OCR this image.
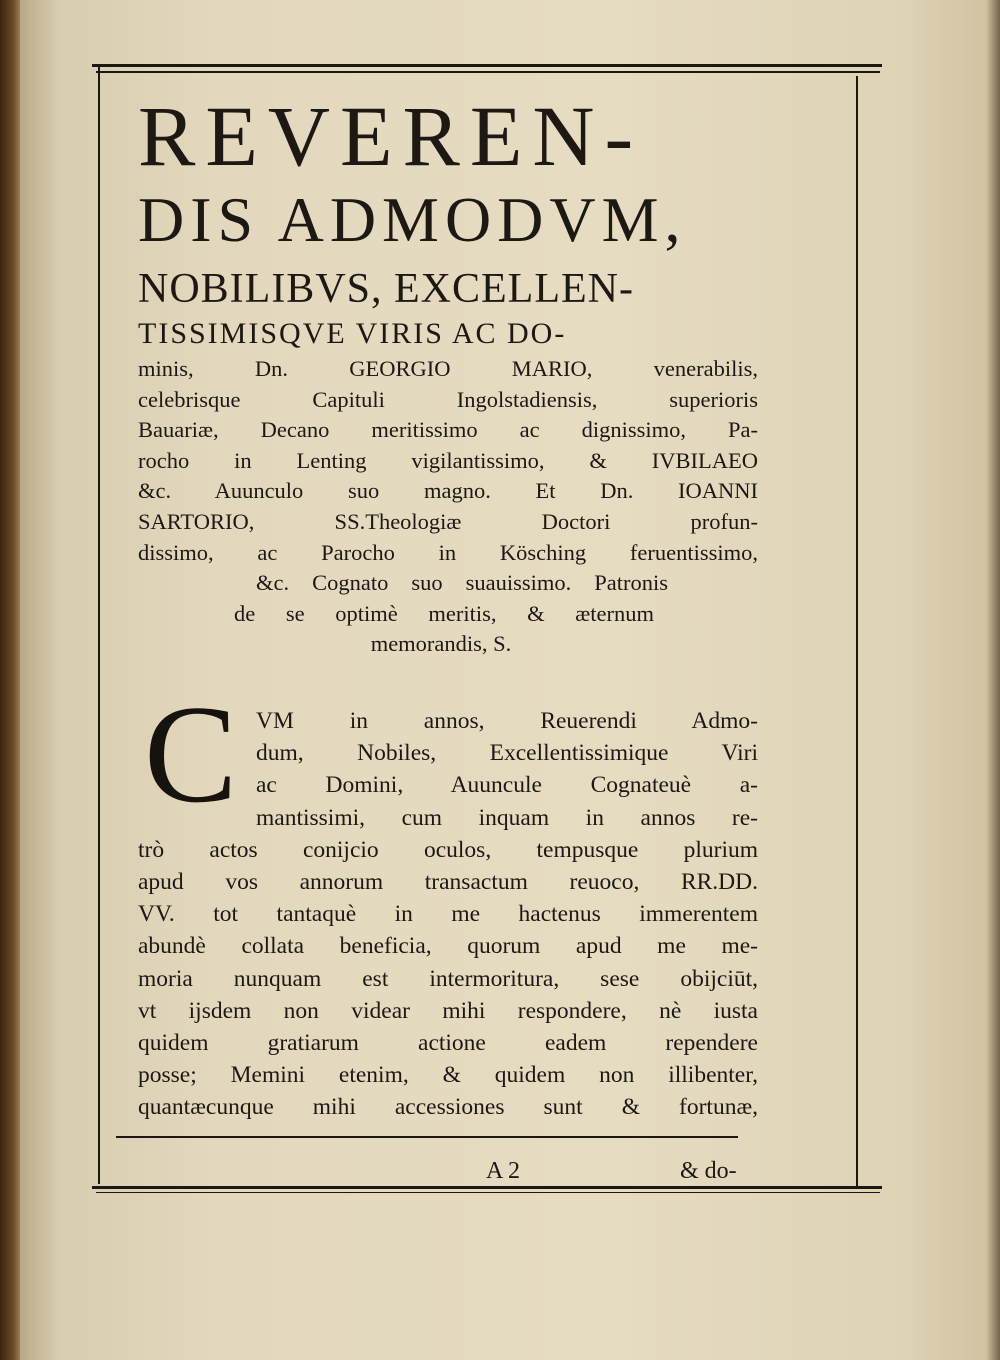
REVEREN-
DIS ADMODVM,
NOBILIBVS, EXCELLEN-
TISSIMISQVE VIRIS AC DO-
minis, Dn. GEORGIO MARIO, venerabilis,
celebrisque Capituli Ingolstadiensis, superioris
Bauariæ, Decano meritissimo ac dignissimo, Pa-
rocho in Lenting vigilantissimo, & IVBILAEO
&c. Auunculo suo magno. Et Dn. IOANNI
SARTORIO, SS.Theologiæ Doctori profun-
dissimo, ac Parocho in Kösching feruentissimo,
&c. Cognato suo suauissimo. Patronis
de se optimè meritis, & æternum
memorandis, S.
C VM in annos, Reuerendi Admo-
dum, Nobiles, Excellentissimique Viri
ac Domini, Auuncule Cognateuè a-
mantissimi, cum inquam in annos re-
trò actos conijcio oculos, tempusque plurium
apud vos annorum transactum reuoco, RR.DD.
VV. tot tantaquè in me hactenus immerentem
abundè collata beneficia, quorum apud me me-
moria nunquam est intermoritura, sese obijciūt,
vt ijsdem non videar mihi respondere, nè iusta
quidem gratiarum actione eadem rependere
posse; Memini etenim, & quidem non illibenter,
quantæcunque mihi accessiones sunt & fortunæ,
A 2	& do-
